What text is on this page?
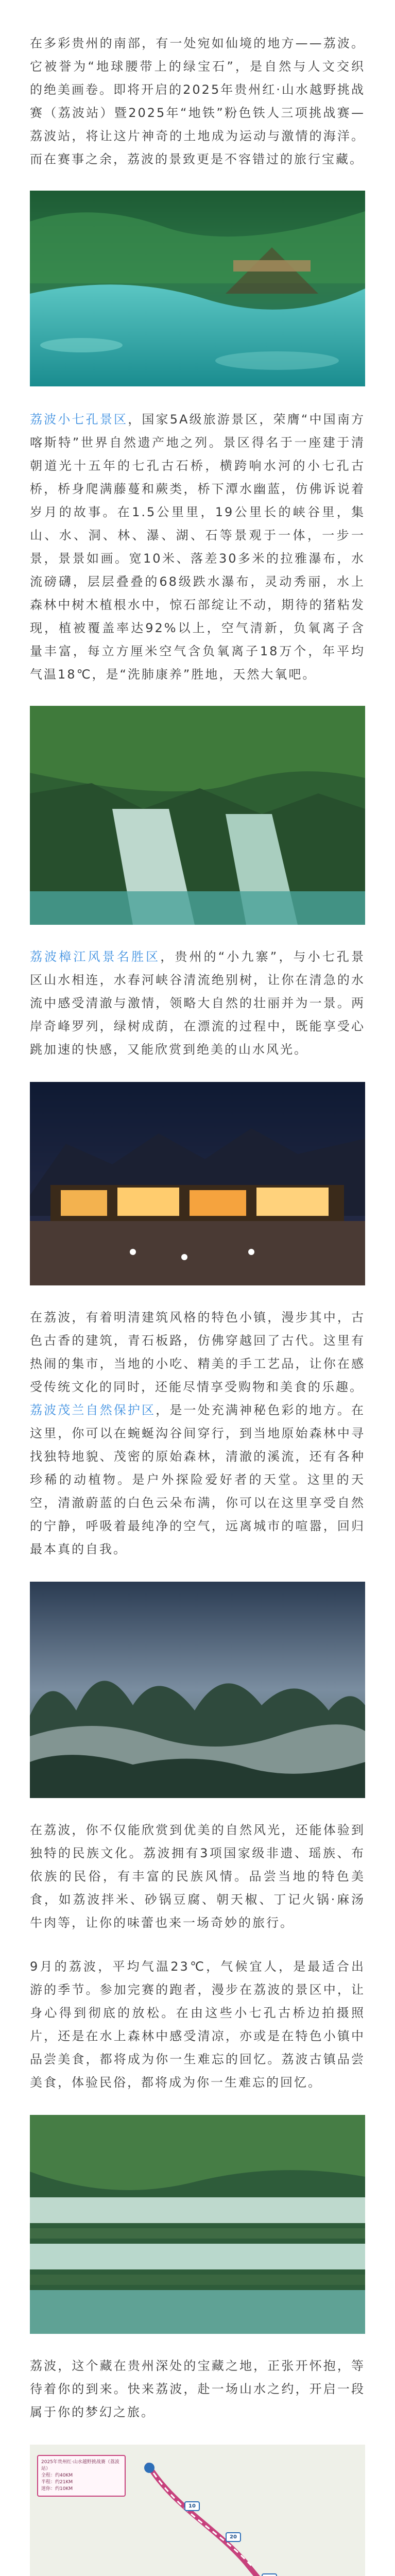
在多彩贵州的南部，有一处宛如仙境的地方——荔波。它被誉为“地球腰带上的绿宝石”，是自然与人文交织的绝美画卷。即将开启的2025年贵州红·山水越野挑战赛（荔波站）暨2025年“地铁”粉色铁人三项挑战赛—荔波站，将让这片神奇的土地成为运动与激情的海洋。而在赛事之余，荔波的景致更是不容错过的旅行宝藏。

荔波小七孔景区，国家5A级旅游景区，荣膺“中国南方喀斯特”世界自然遗产地之列。景区得名于一座建于清朝道光十五年的七孔古石桥，横跨响水河的小七孔古桥，桥身爬满藤蔓和蕨类，桥下潭水幽蓝，仿佛诉说着岁月的故事。在1.5公里里，19公里长的峡谷里，集山、水、洞、林、瀑、湖、石等景观于一体，一步一景，景景如画。宽10米、落差30多米的拉雅瀑布，水流磅礴，层层叠叠的68级跌水瀑布，灵动秀丽，水上森林中树木植根水中，惊石部绽让不动，期待的猪粘发现，植被覆盖率达92%以上，空气清新，负氧离子含量丰富，每立方厘米空气含负氧离子18万个，年平均气温18℃，是“洗肺康养”胜地，天然大氧吧。

荔波樟江风景名胜区，贵州的“小九寨”，与小七孔景区山水相连，水春河峡谷清流绝别树，让你在清急的水流中感受清澈与激情，领略大自然的壮丽并为一景。两岸奇峰罗列，绿树成荫，在漂流的过程中，既能享受心跳加速的快感，又能欣赏到绝美的山水风光。

在荔波，有着明清建筑风格的特色小镇，漫步其中，古色古香的建筑，青石板路，仿佛穿越回了古代。这里有热闹的集市，当地的小吃、精美的手工艺品，让你在感受传统文化的同时，还能尽情享受购物和美食的乐趣。

荔波茂兰自然保护区，是一处充满神秘色彩的地方。在这里，你可以在蜿蜒沟谷间穿行，到当地原始森林中寻找独特地貌、茂密的原始森林，清澈的溪流，还有各种珍稀的动植物。是户外探险爱好者的天堂。这里的天空，清澈蔚蓝的白色云朵布满，你可以在这里享受自然的宁静，呼吸着最纯净的空气，远离城市的喧嚣，回归最本真的自我。

在荔波，你不仅能欣赏到优美的自然风光，还能体验到独特的民族文化。荔波拥有3项国家级非遗、瑶族、布依族的民俗，有丰富的民族风情。品尝当地的特色美食，如荔波拌米、砂锅豆腐、朝天椒、丁记火锅·麻汤牛肉等，让你的味蕾也来一场奇妙的旅行。

9月的荔波，平均气温23℃，气候宜人，是最适合出游的季节。参加完赛的跑者，漫步在荔波的景区中，让身心得到彻底的放松。在由这些小七孔古桥边拍摄照片，还是在水上森林中感受清凉，亦或是在特色小镇中品尝美食，都将成为你一生难忘的回忆。荔波古镇品尝美食，体验民俗，都将成为你一生难忘的回忆。

荔波，这个藏在贵州深处的宝藏之地，正张开怀抱，等待着你的到来。快来荔波，赴一场山水之约，开启一段属于你的梦幻之旅。

2025年贵州红·山水越野挑战赛（荔波站）
全程：约40KM
半程：约21KM
迷你：约10KM
10
20
